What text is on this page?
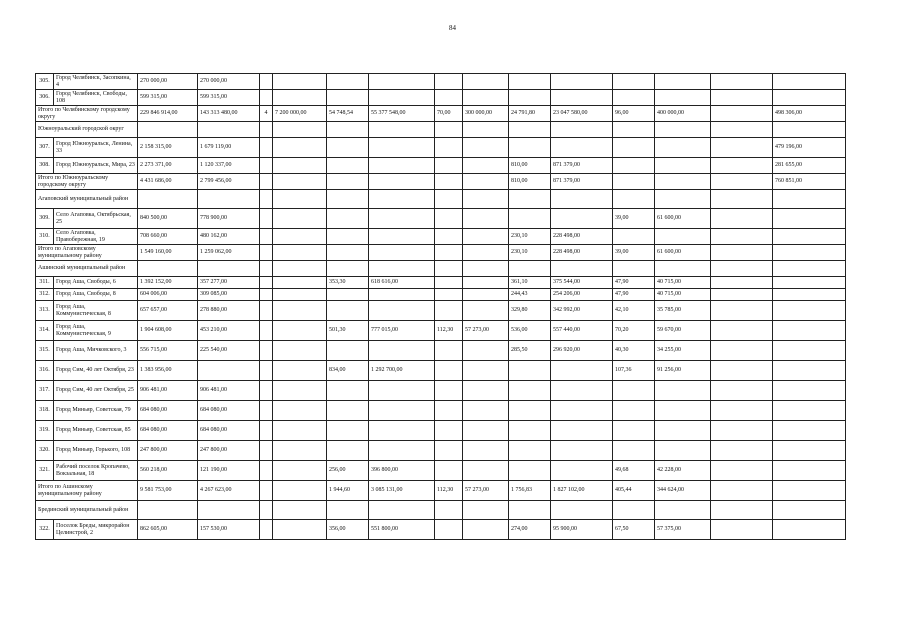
84
305.	Город Челябинск, Засопкина, 4	270 000,00	270 000,00												
306.	Город Челябинск, Свободы, 108	599 315,00	599 315,00												
Итого по Челябинскому городскому округу		229 846 914,00	143 313 480,00	4	7 200 000,00	54 748,54	55 377 548,00	70,00	300 000,00	24 791,80	23 047 580,00	96,00	400 000,00		498 306,00
Южноуральский городской округ															
307.	Город Южноуральск, Ленина, 33	2 158 315,00	1 679 119,00												479 196,00
308.	Город Южноуральск, Мира, 23	2 273 371,00	1 120 337,00							810,00	871 379,00				281 655,00
Итого по Южноуральскому городскому округу		4 431 686,00	2 799 456,00							810,00	871 379,00				760 851,00
Агаповский муниципальный район															
309.	Село Агаповка, Октябрьская, 25	840 500,00	778 900,00									39,00	61 600,00		
310.	Село Агаповка, Правобережная, 19	708 660,00	480 162,00							230,10	228 498,00				
Итого по Агаповскому муниципальному району		1 549 160,00	1 259 062,00							230,10	228 498,00	39,00	61 600,00		
Ашинский муниципальный район															
311.	Город Аша, Свободы, 6	1 392 152,00	357 277,00			353,30	618 616,00			361,10	375 544,00	47,90	40 715,00		
312.	Город Аша, Свободы, 8	604 006,00	309 085,00							244,43	254 206,00	47,90	40 715,00		
313.	Город Аша, Коммунистическая, 8	657 657,00	278 880,00							329,80	342 992,00	42,10	35 785,00		
314.	Город Аша, Коммунистическая, 9	1 904 608,00	453 210,00			501,30	777 015,00	112,30	57 273,00	536,00	557 440,00	70,20	59 670,00		
315.	Город Аша, Мичковского, 3	556 715,00	225 540,00							285,50	296 920,00	40,30	34 255,00		
316.	Город Сим, 40 лет Октября, 23	1 383 956,00				834,00	1 292 700,00					107,36	91 256,00		
317.	Город Сим, 40 лет Октября, 25	906 481,00	906 481,00												
318.	Город Миньяр, Советская, 79	684 080,00	684 080,00												
319.	Город Миньяр, Советская, 85	684 080,00	684 080,00												
320.	Город Миньяр, Горького, 108	247 800,00	247 800,00												
321.	Рабочий поселок Кропачево, Вокзальная, 18	560 218,00	121 190,00			256,00	396 800,00					49,68	42 228,00		
Итого по Ашинскому муниципальному району		9 581 753,00	4 267 623,00			1 944,60	3 085 131,00	112,30	57 273,00	1 756,83	1 827 102,00	405,44	344 624,00		
Брединский муниципальный район															
322.	Поселок Бреды, микрорайон Целинстрой, 2	862 605,00	157 530,00			356,00	551 800,00			274,00	95 900,00	67,50	57 375,00		
